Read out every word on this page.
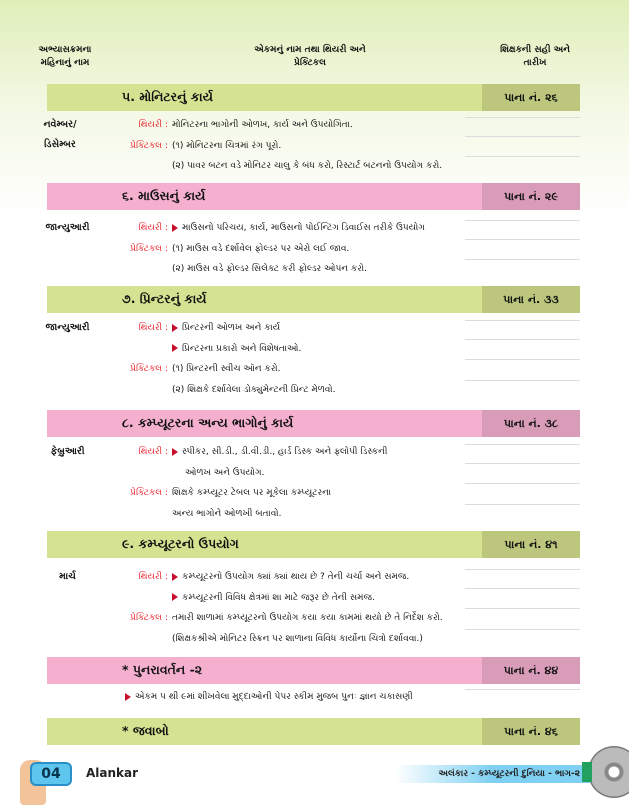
અભ્યાસક્રમના મહિનાનું નામ
એકમનું નામ તથા થિયરી અને પ્રેક્ટિકલ
શિક્ષકની સહી અને તારીખ
૫. મોનિટરનું કાર્ય	પાના નં. ૨૬
નવેમ્બર/ ડિસેમ્બર
થિયરી : મોનિટરના ભાગોની ઓળખ, કાર્ય અને ઉપયોગિતા.
પ્રેક્ટિકલ : (૧) મોનિટરના ચિત્રમાં રંગ પૂરો.
(૨) પાવર બટન વડે મોનિટર ચાલુ કે બંધ કરો, રિસ્ટાર્ટ બટનનો ઉપયોગ કરો.
૬. માઉસનું કાર્ય	પાના નં. ૨૯
જાન્યુઆરી	થિયરી :	માઉસનો પરિચય, કાર્ય, માઉસનો પોઈન્ટિંગ ડિવાઈસ તરીકે ઉપયોગ
પ્રેક્ટિકલ : (૧) માઉસ વડે દર્શાવેલ ફોલ્ડર પર એરો લઈ જાવ.
(૨) માઉસ વડે ફોલ્ડર સિલેક્ટ કરી ફોલ્ડર ઓપન કરો.
૭. પ્રિન્ટરનું કાર્ય	પાના નં. ૩૩
જાન્યુઆરી	થિયરી :	પ્રિન્ટરની ઓળખ અને કાર્ય
પ્રિન્ટરના પ્રકારો અને વિશેષતાઓ.
પ્રેક્ટિકલ : (૧) પ્રિન્ટરની સ્વીચ ઑન કરો.
(૨) શિક્ષકે દર્શાવેલા ડોક્યુમેન્ટની પ્રિન્ટ મેળવો.
૮. કમ્પ્યૂટરના અન્ય ભાગોનું કાર્ય	પાના નં. ૩૮
ફેબ્રુઆરી	થિયરી :	સ્પીકર, સી.ડી., ડી.વી.ડી., હાર્ડ ડિસ્ક અને ફ્લોપી ડિસ્કની
ઓળખ અને ઉપયોગ.
પ્રેક્ટિકલ : શિક્ષકે કમ્પ્યૂટર ટેબલ પર મૂકેલા કમ્પ્યૂટરના
અન્ય ભાગોને ઓળખી બતાવો.
૯. કમ્પ્યૂટરનો ઉપયોગ	પાના નં. ૪૧
માર્ચ	થિયરી :	કમ્પ્યૂટરનો ઉપયોગ ક્યાં ક્યાં થાય છે ? તેની ચર્ચા અને સમજ.
કમ્પ્યૂટરની વિવિધ ક્ષેત્રમાં શા માટે જરૂર છે તેની સમજ.
પ્રેક્ટિકલ : તમારી શાળામાં કમ્પ્યૂટરનો ઉપયોગ કયા કયા કામમાં થયો છે તે નિર્દેશ કરો.
(શિક્ષકશ્રીએ મોનિટર સ્ક્રિન પર શાળાના વિવિધ કાર્યોના ચિત્રો દર્શાવવા.)
* પુનરાવર્તન -૨	પાના નં. ૪૪
એકમ ૫ થી ૯માં શીખવેલા મુદ્દાઓની પેપર સ્કીમ મુજબ પુનઃ જ્ઞાન ચકાસણી
* જવાબો	પાના નં. ૪૬
04	Alankar	અલંકાર - કમ્પ્યૂટરની દુનિયા - ભાગ-૨
